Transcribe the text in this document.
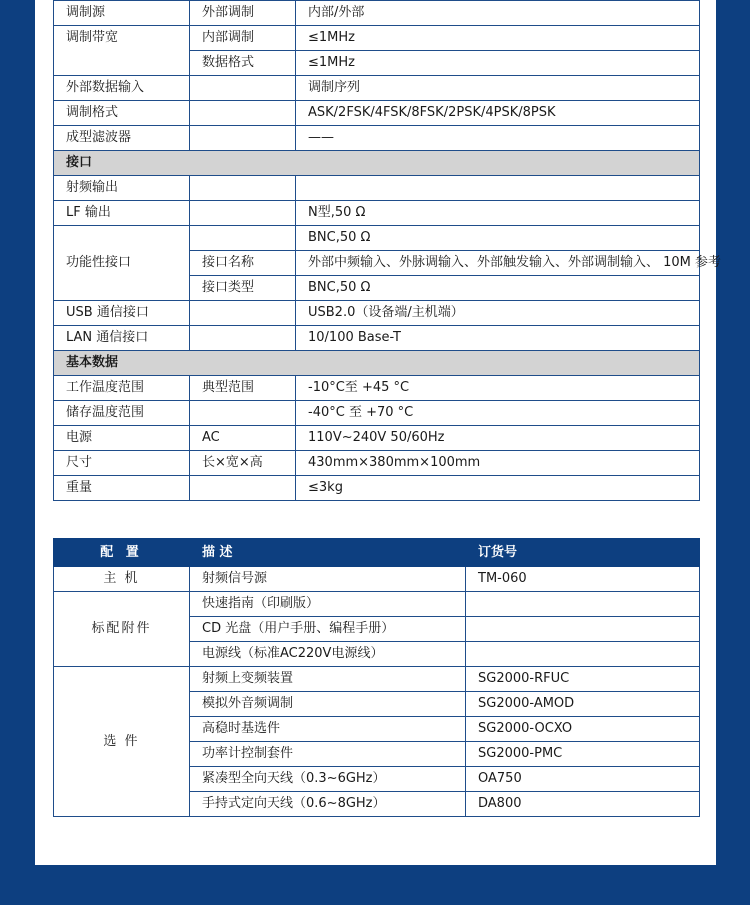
调制源	外部调制	内部/外部
调制带宽	内部调制	≤1MHz
	数据格式	≤1MHz
外部数据输入		调制序列
调制格式		ASK/2FSK/4FSK/8FSK/2PSK/4PSK/8PSK
成型滤波器		——
接口		
射频输出		
LF 输出		N型,50 Ω
功能性接口		BNC,50 Ω
	接口名称	外部中频输入、外脉调输入、外部触发输入、外部调制输入、 10M 参考
	接口类型	BNC,50 Ω
USB 通信接口		USB2.0（设备端/主机端）
LAN 通信接口		10/100 Base-T
基本数据		
工作温度范围	典型范围	-10°C至 +45 °C
储存温度范围		-40°C 至 +70 °C
电源	AC	110V~240V 50/60Hz
尺寸	长×宽×高	430mm×380mm×100mm
重量		≤3kg
配 置	描 述	订货号
主 机	射频信号源	TM-060
标配附件	快速指南（印刷版）	
	CD 光盘（用户手册、编程手册）	
	电源线（标准AC220V电源线）	
选 件	射频上变频装置	SG2000-RFUC
	模拟外音频调制	SG2000-AMOD
	高稳时基选件	SG2000-OCXO
	功率计控制套件	SG2000-PMC
	紧凑型全向天线（0.3~6GHz）	OA750
	手持式定向天线（0.6~8GHz）	DA800
